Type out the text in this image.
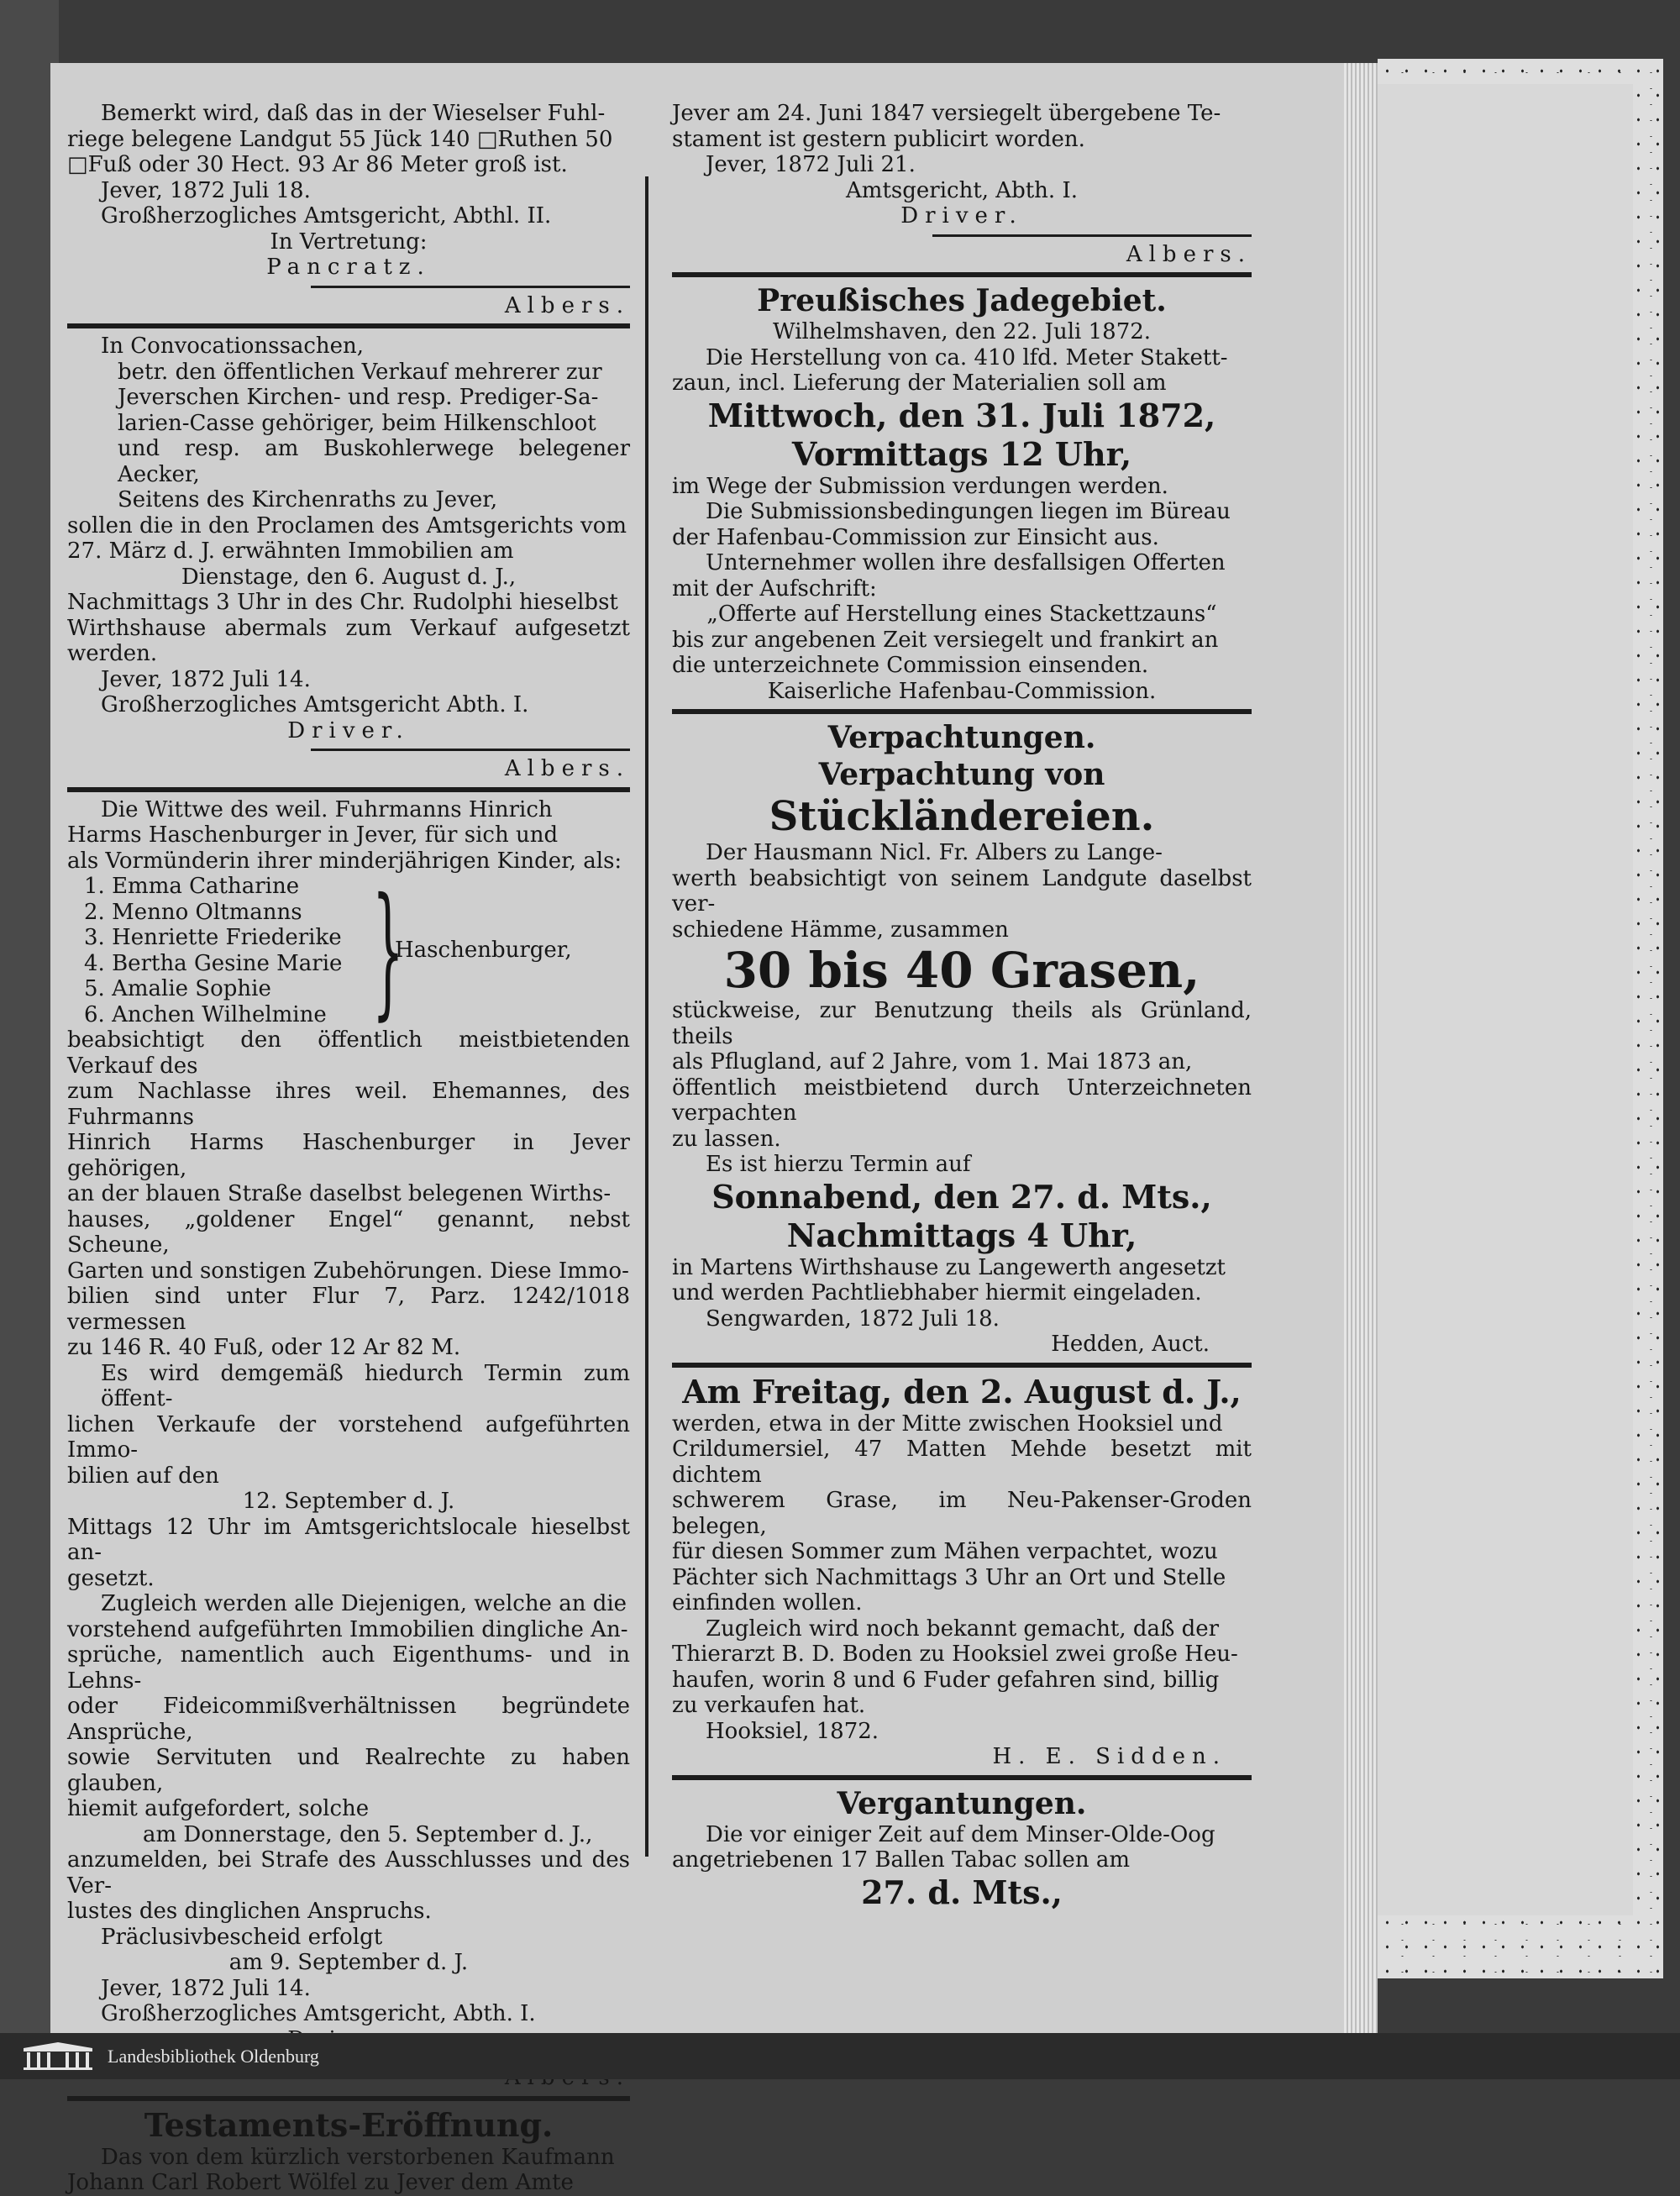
Bemerkt wird, daß das in der Wieselser Fuhl-

riege belegene Landgut 55 Jück 140 □Ruthen 50

□Fuß oder 30 Hect. 93 Ar 86 Meter groß ist.

Jever, 1872 Juli 18.

Großherzogliches Amtsgericht, Abthl. II.

In Vertretung:

Pancratz.

Albers.

In Convocationssachen,

betr. den öffentlichen Verkauf mehrerer zur

Jeverschen Kirchen- und resp. Prediger-Sa-

larien-Casse gehöriger, beim Hilkenschloot

und resp. am Buskohlerwege belegener Aecker,

Seitens des Kirchenraths zu Jever,

sollen die in den Proclamen des Amtsgerichts vom

27. März d. J. erwähnten Immobilien am

Dienstage, den 6. August d. J.,

Nachmittags 3 Uhr in des Chr. Rudolphi hieselbst

Wirthshause abermals zum Verkauf aufgesetzt werden.

Jever, 1872 Juli 14.

Großherzogliches Amtsgericht Abth. I.

Driver.

Albers.

Die Wittwe des weil. Fuhrmanns Hinrich

Harms Haschenburger in Jever, für sich und

als Vormünderin ihrer minderjährigen Kinder, als:

1. Emma Catharine

2. Menno Oltmanns

3. Henriette Friederike

4. Bertha Gesine Marie

5. Amalie Sophie

6. Anchen Wilhelmine }

Haschenburger,

beabsichtigt den öffentlich meistbietenden Verkauf des

zum Nachlasse ihres weil. Ehemannes, des Fuhrmanns

Hinrich Harms Haschenburger in Jever gehörigen,

an der blauen Straße daselbst belegenen Wirths-

hauses, „goldener Engel“ genannt, nebst Scheune,

Garten und sonstigen Zubehörungen. Diese Immo-

bilien sind unter Flur 7, Parz. 1242/1018 vermessen

zu 146 R. 40 Fuß, oder 12 Ar 82 M.

Es wird demgemäß hiedurch Termin zum öffent-

lichen Verkaufe der vorstehend aufgeführten Immo-

bilien auf den

12. September d. J.

Mittags 12 Uhr im Amtsgerichtslocale hieselbst an-

gesetzt.

Zugleich werden alle Diejenigen, welche an die

vorstehend aufgeführten Immobilien dingliche An-

sprüche, namentlich auch Eigenthums- und in Lehns-

oder Fideicommißverhältnissen begründete Ansprüche,

sowie Servituten und Realrechte zu haben glauben,

hiemit aufgefordert, solche

am Donnerstage, den 5. September d. J.,

anzumelden, bei Strafe des Ausschlusses und des Ver-

lustes des dinglichen Anspruchs.

Präclusivbescheid erfolgt

am 9. September d. J.

Jever, 1872 Juli 14.

Großherzogliches Amtsgericht, Abth. I.

Testaments-Eröffnung.

Das von dem kürzlich verstorbenen Kaufmann

Johann Carl Robert Wölfel zu Jever dem Amte

Jever am 24. Juni 1847 versiegelt übergebene Te-

stament ist gestern publicirt worden.

Jever, 1872 Juli 21.

Amtsgericht, Abth. I.

Driver.

Albers.

Preußisches Jadegebiet.

Wilhelmshaven, den 22. Juli 1872.

Die Herstellung von ca. 410 lfd. Meter Stakett-

zaun, incl. Lieferung der Materialien soll am

Mittwoch, den 31. Juli 1872,

Vormittags 12 Uhr,

im Wege der Submission verdungen werden.

Die Submissionsbedingungen liegen im Büreau

der Hafenbau-Commission zur Einsicht aus.

Unternehmer wollen ihre desfallsigen Offerten

mit der Aufschrift:

„Offerte auf Herstellung eines Stackettzauns“

bis zur angebenen Zeit versiegelt und frankirt an

die unterzeichnete Commission einsenden.

Kaiserliche Hafenbau-Commission.

Verpachtungen.

Verpachtung von

Stückländereien.

Der Hausmann Nicl. Fr. Albers zu Lange-

werth beabsichtigt von seinem Landgute daselbst ver-

schiedene Hämme, zusammen

30 bis 40 Grasen,

stückweise, zur Benutzung theils als Grünland, theils

als Pflugland, auf 2 Jahre, vom 1. Mai 1873 an,

öffentlich meistbietend durch Unterzeichneten verpachten

zu lassen.

Es ist hierzu Termin auf

Sonnabend, den 27. d. Mts.,

Nachmittags 4 Uhr,

in Martens Wirthshause zu Langewerth angesetzt

und werden Pachtliebhaber hiermit eingeladen.

Sengwarden, 1872 Juli 18.

Hedden, Auct.

Am Freitag, den 2. August d. J.,

werden, etwa in der Mitte zwischen Hooksiel und

Crildumersiel, 47 Matten Mehde besetzt mit dichtem

schwerem Grase, im Neu-Pakenser-Groden belegen,

für diesen Sommer zum Mähen verpachtet, wozu

Pächter sich Nachmittags 3 Uhr an Ort und Stelle

einfinden wollen.

Zugleich wird noch bekannt gemacht, daß der

Thierarzt B. D. Boden zu Hooksiel zwei große Heu-

haufen, worin 8 und 6 Fuder gefahren sind, billig

zu verkaufen hat.

Hooksiel, 1872.

H. E. Sidden.

Vergantungen.

Die vor einiger Zeit auf dem Minser-Olde-Oog

angetriebenen 17 Ballen Tabac sollen am

27. d. Mts.,

Landesbibliothek Oldenburg
